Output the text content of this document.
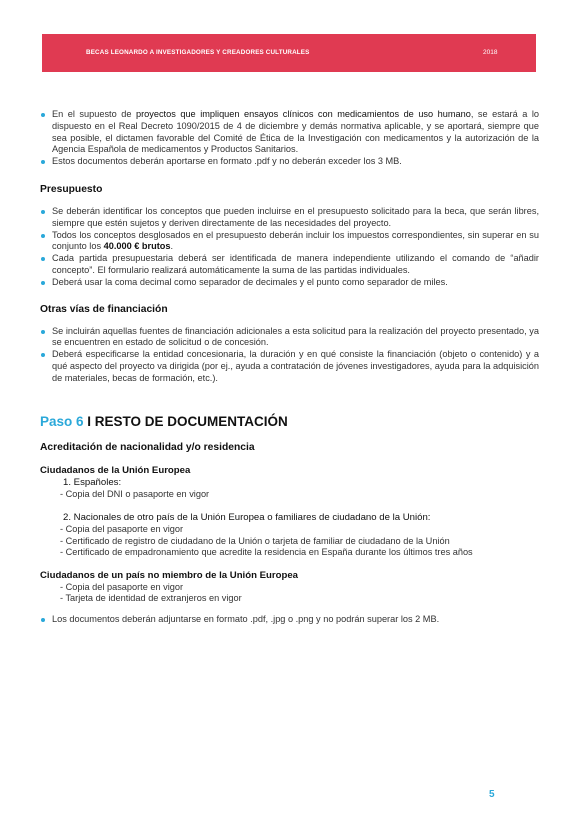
BECAS LEONARDO A INVESTIGADORES Y CREADORES CULTURALES	2018
En el supuesto de proyectos que impliquen ensayos clínicos con medicamientos de uso humano, se estará a lo dispuesto en el Real Decreto 1090/2015 de 4 de diciembre y demás normativa aplicable, y se aportará, siempre que sea posible, el dictamen favorable del Comité de Ética de la Investigación con medicamentos y la autorización de la Agencia Española de medicamentos y Productos Sanitarios.
Estos documentos deberán aportarse en formato .pdf y no deberán exceder los 3 MB.
Presupuesto
Se deberán identificar los conceptos que pueden incluirse en el presupuesto solicitado para la beca, que serán libres, siempre que estén sujetos y deriven directamente de las necesidades del proyecto.
Todos los conceptos desglosados en el presupuesto deberán incluir los impuestos correspondientes, sin superar en su conjunto los 40.000 € brutos.
Cada partida presupuestaria deberá ser identificada de manera independiente utilizando el comando de “añadir concepto”. El formulario realizará automáticamente la suma de las partidas individuales.
Deberá usar la coma decimal como separador de decimales y el punto como separador de miles.
Otras vías de financiación
Se incluirán aquellas fuentes de financiación adicionales a esta solicitud para la realización del proyecto presentado, ya se encuentren en estado de solicitud o de concesión.
Deberá especificarse la entidad concesionaria, la duración y en qué consiste la financiación (objeto o contenido) y a qué aspecto del proyecto va dirigida (por ej., ayuda a contratación de jóvenes investigadores, ayuda para la adquisición de materiales, becas de formación, etc.).
Paso 6 I RESTO DE DOCUMENTACIÓN
Acreditación de nacionalidad y/o residencia
Ciudadanos de la Unión Europea
1. Españoles:
- Copia del DNI o pasaporte en vigor
2. Nacionales de otro país de la Unión Europea o familiares de ciudadano de la Unión:
- Copia del pasaporte en vigor
- Certificado de registro de ciudadano de la Unión o tarjeta de familiar de ciudadano de la Unión
- Certificado de empadronamiento que acredite la residencia en España durante los últimos tres años
Ciudadanos de un país no miembro de la Unión Europea
- Copia del pasaporte en vigor
- Tarjeta de identidad de extranjeros en vigor
Los documentos deberán adjuntarse en formato .pdf, .jpg o .png y no podrán superar los 2 MB.
5
